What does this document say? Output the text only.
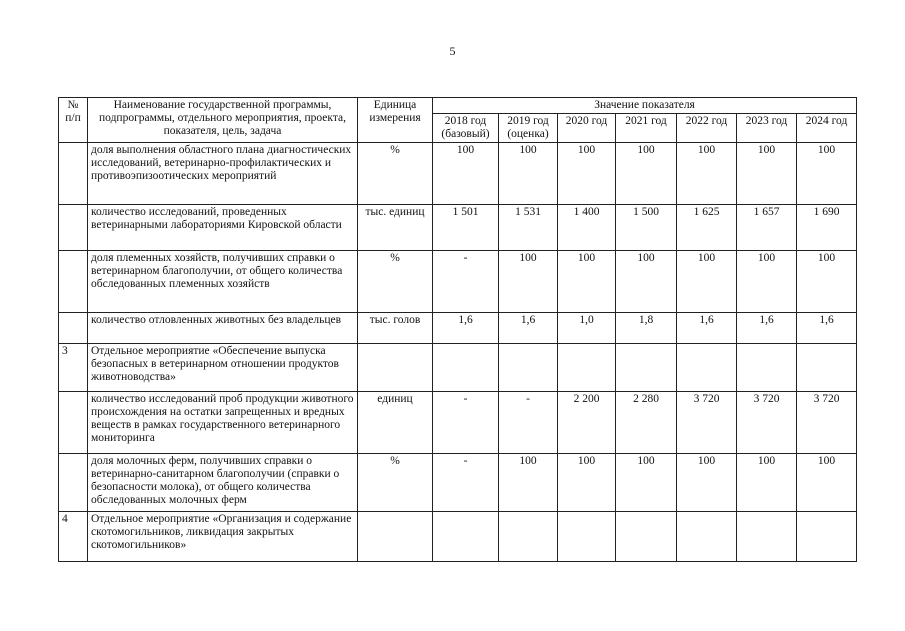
5
№ п/п	Наименование государственной программы, подпрограммы, отдельного мероприятия, проекта, показателя, цель, задача	Единица измерения	Значение показателя						
			2018 год (базовый)	2019 год (оценка)	2020 год	2021 год	2022 год	2023 год	2024 год
	доля выполнения областного плана диагностических исследований, ветеринарно-профилактических и противоэпизоотических мероприятий	%	100	100	100	100	100	100	100
	количество исследований, проведенных ветеринарными лабораториями Кировской области	тыс. единиц	1 501	1 531	1 400	1 500	1 625	1 657	1 690
	доля племенных хозяйств, получивших справки о ветеринарном благополучии, от общего количества обследованных племенных хозяйств	%	-	100	100	100	100	100	100
	количество отловленных животных без владельцев	тыс. голов	1,6	1,6	1,0	1,8	1,6	1,6	1,6
3	Отдельное мероприятие «Обеспечение выпуска безопасных в ветеринарном отношении продуктов животноводства»								
	количество исследований проб продукции животного происхождения на остатки запрещенных и вредных веществ в рамках государственного ветеринарного мониторинга	единиц	-	-	2 200	2 280	3 720	3 720	3 720
	доля молочных ферм, получивших справки о ветеринарно-санитарном благополучии (справки о безопасности молока), от общего количества обследованных молочных ферм	%	-	100	100	100	100	100	100
4	Отдельное мероприятие «Организация и содержание скотомогильников, ликвидация закрытых скотомогильников»								
